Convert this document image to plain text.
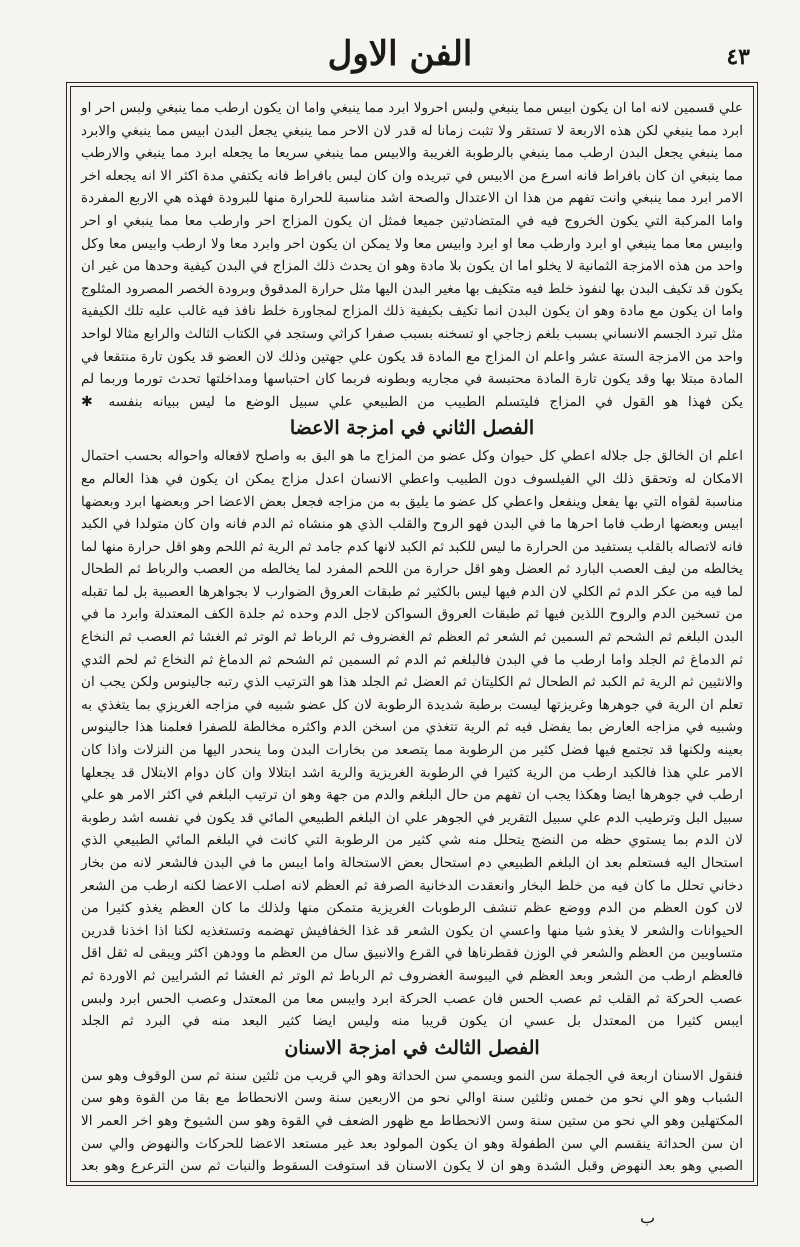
٤٣
الفن الاول

علي قسمين لانه اما ان يكون ابيس مما ينبغي ولبس احرولا ابرد مما ينبغي واما ان يكون ارطب مما ينبغي ولبس احر او ابرد مما ينبغي لكن هذه الاربعة لا تستقر ولا تثبت زمانا له قدر لان الاحر مما ينبغي يجعل البدن ابيس مما ينبغي والابرد مما ينبغي يجعل البدن ارطب مما ينبغي بالرطوبة الغريبة والابيس مما ينبغي سريعا ما يجعله ابرد مما ينبغي والارطب مما ينبغي ان كان بافراط فانه اسرع من الابيس في تبريده وان كان ليس بافراط فانه يكتفي مدة اكثر الا انه يجعله اخر الامر ابرد مما ينبغي وانت تفهم من هذا ان الاعتدال والصحة اشد مناسبة للحرارة منها للبرودة فهذه هي الاربع المفردة واما المركبة التي يكون الخروج فيه في المتضادتين جميعا فمثل ان يكون المزاج احر وارطب معا مما ينبغي او احر وابيس معا مما ينبغي او ابرد وارطب معا او ابرد وابيس معا ولا يمكن ان يكون احر وابرد معا ولا ارطب وابيس معا وكل واحد من هذه الامزجة الثمانية لا يخلو اما ان يكون بلا مادة وهو ان يحدث ذلك المزاج في البدن كيفية وحدها من غير ان يكون قد تكيف البدن بها لنفوذ خلط فيه متكيف بها مغير البدن اليها مثل حرارة المدقوق وبرودة الخصر المصرود المثلوج واما ان يكون مع مادة وهو ان يكون البدن انما تكيف بكيفية ذلك المزاج لمجاورة خلط نافذ فيه غالب عليه تلك الكيفية مثل تبرد الجسم الانساني بسبب بلغم زجاجي او تسخنه بسبب صفرا كراثي وستجد في الكتاب الثالث والرابع مثالا لواحد واحد من الامزجة الستة عشر واعلم ان المزاج مع المادة قد يكون علي جهتين وذلك لان العضو قد يكون تارة منتقعا في المادة مبتلا بها وقد يكون تارة المادة محتبسة في مجاريه وبطونه فربما كان احتباسها ومداخلتها تحدث تورما وربما لم يكن فهذا هو القول في المزاج فليتسلم الطبيب من الطبيعي علي سبيل الوضع ما ليس ببيانه بنفسه ✱

الفصل الثاني في امزجة الاعضا

اعلم ان الخالق جل جلاله اعطي كل حيوان وكل عضو من المزاج ما هو البق به واصلح لافعاله واحواله بحسب احتمال الامكان له وتحقق ذلك الي الفيلسوف دون الطبيب واعطي الانسان اعدل مزاج يمكن ان يكون في هذا العالم مع مناسبة لقواه التي بها يفعل وينفعل واعطي كل عضو ما يليق به من مزاجه فجعل بعض الاعضا احر وبعضها ابرد وبعضها ابيس وبعضها ارطب فاما احرها ما في البدن فهو الروح والقلب الذي هو منشاه ثم الدم فانه وان كان متولدا في الكبد فانه لاتصاله بالقلب يستفيد من الحرارة ما ليس للكبد ثم الكبد لانها كدم جامد ثم الرية ثم اللحم وهو اقل حرارة منها لما يخالطه من ليف العصب البارد ثم العضل وهو اقل حرارة من اللحم المفرد لما يخالطه من العصب والرباط ثم الطحال لما فيه من عكر الدم ثم الكلي لان الدم فيها ليس بالكثير ثم طبقات العروق الضوارب لا بجواهرها العصبية بل لما تقبله من تسخين الدم والروح اللذين فيها ثم طبقات العروق السواكن لاجل الدم وحده ثم جلدة الكف المعتدلة وابرد ما في البدن البلغم ثم الشحم ثم السمين ثم الشعر ثم العظم ثم الغضروف ثم الرباط ثم الوتر ثم الغشا ثم العصب ثم النخاع ثم الدماغ ثم الجلد واما ارطب ما في البدن فالبلغم ثم الدم ثم السمين ثم الشحم ثم الدماغ ثم النخاع ثم لحم الثدي والانثيين ثم الرية ثم الكبد ثم الطحال ثم الكليتان ثم العضل ثم الجلد هذا هو الترتيب الذي رتبه جالينوس ولكن يجب ان تعلم ان الرية في جوهرها وغريزتها ليست برطبة شديدة الرطوبة لان كل عضو شبيه في مزاجه الغريزي بما يتغذي به وشبيه في مزاجه العارض بما يفضل فيه ثم الرية تتغذي من اسخن الدم واكثره مخالطة للصفرا فعلمنا هذا جالينوس بعينه ولكنها قد تجتمع فيها فضل كثير من الرطوبة مما يتصعد من بخارات البدن وما ينحدر اليها من النزلات واذا كان الامر علي هذا فالكبد ارطب من الرية كثيرا في الرطوبة الغريزية والرية اشد ابتلالا وان كان دوام الابتلال قد يجعلها ارطب في جوهرها ايضا وهكذا يجب ان تفهم من حال البلغم والدم من جهة وهو ان ترتيب البلغم في اكثر الامر هو علي سبيل البل وترطيب الدم علي سبيل التقرير في الجوهر علي ان البلغم الطبيعي المائي قد يكون في نفسه اشد رطوبة لان الدم بما يستوي حظه من النضج يتحلل منه شي كثير من الرطوبة التي كانت في البلغم المائي الطبيعي الذي استحال اليه فستعلم بعد ان البلغم الطبيعي دم استحال بعض الاستحالة واما ايبس ما في البدن فالشعر لانه من بخار دخاني تحلل ما كان فيه من خلط البخار وانعقدت الدخانية الصرفة ثم العظم لانه اصلب الاعضا لكنه ارطب من الشعر لان كون العظم من الدم ووضع عظم تنشف الرطوبات الغريزية متمكن منها ولذلك ما كان العظم يغذو كثيرا من الحيوانات والشعر لا يغذو شيا منها واعسي ان يكون الشعر قد غذا الخفافيش تهضمه وتستغذيه لكنا اذا اخذنا قدرين متساويين من العظم والشعر في الوزن فقطرناها في القرع والانبيق سال من العظم ما وودهن اكثر ويبقى له ثقل اقل فالعظم ارطب من الشعر وبعد العظم في اليبوسة الغضروف ثم الرباط ثم الوتر ثم الغشا ثم الشرايين ثم الاوردة ثم عصب الحركة ثم القلب ثم عصب الحس فان عصب الحركة ابرد وايبس معا من المعتدل وعصب الحس ابرد ولبس ايبس كثيرا من المعتدل بل عسي ان يكون قريبا منه وليس ايضا كثير البعد منه في البرد ثم الجلد

الفصل الثالث في امزجة الاسنان

فنقول الاسنان اربعة في الجملة سن النمو ويسمي سن الحداثة وهو الي قريب من ثلثين سنة ثم سن الوقوف وهو سن الشباب وهو الي نحو من خمس وثلثين سنة اوالي نحو من الاربعين سنة وسن الانحطاط مع بقا من القوة وهو سن المكتهلين وهو الي نحو من ستين سنة وسن الانحطاط مع ظهور الضعف في القوة وهو سن الشيوخ وهو اخر العمر الا ان سن الحداثة ينقسم الي سن الطفولة وهو ان يكون المولود بعد غير مستعد الاعضا للحركات والنهوض والي سن الصبي وهو بعد النهوض وقبل الشدة وهو ان لا يكون الاسنان قد استوفت السقوط والنبات ثم سن الترعرع وهو بعد

ب
